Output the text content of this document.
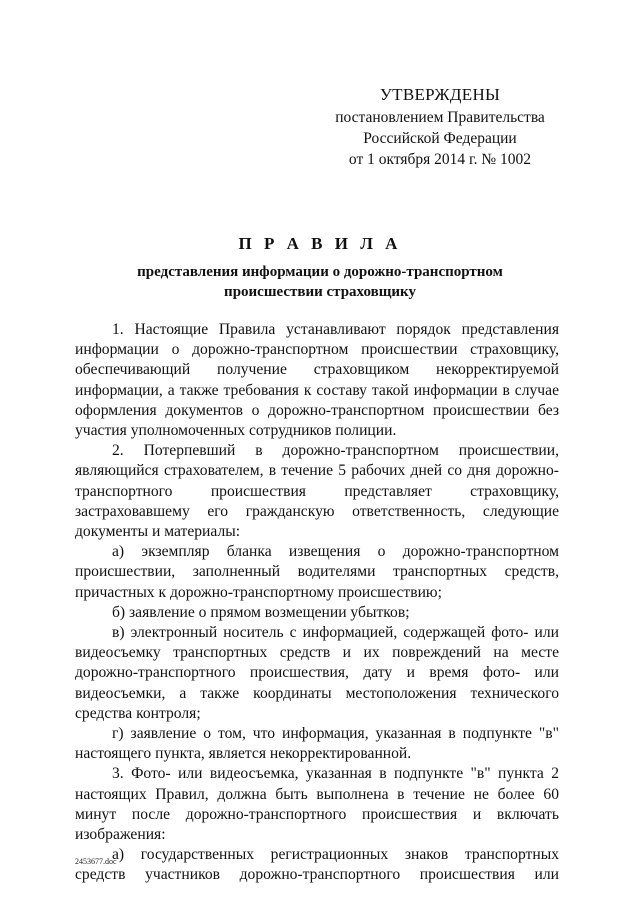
УТВЕРЖДЕНЫ
постановлением Правительства
Российской Федерации
от 1 октября 2014 г. № 1002
П Р А В И Л А
представления информации о дорожно-транспортном
происшествии страховщику

1. Настоящие Правила устанавливают порядок представления информации о дорожно-транспортном происшествии страховщику, обеспечивающий получение страховщиком некорректируемой информации, а также требования к составу такой информации в случае оформления документов о дорожно-транспортном происшествии без участия уполномоченных сотрудников полиции.

2. Потерпевший в дорожно-транспортном происшествии, являющийся страхователем, в течение 5 рабочих дней со дня дорожно-транспортного происшествия представляет страховщику, застраховавшему его гражданскую ответственность, следующие документы и материалы:

а) экземпляр бланка извещения о дорожно-транспортном происшествии, заполненный водителями транспортных средств, причастных к дорожно-транспортному происшествию;

б) заявление о прямом возмещении убытков;

в) электронный носитель с информацией, содержащей фото- или видеосъемку транспортных средств и их повреждений на месте дорожно-транспортного происшествия, дату и время фото- или видеосъемки, а также координаты местоположения технического средства контроля;

г) заявление о том, что информация, указанная в подпункте "в" настоящего пункта, является некорректированной.

3. Фото- или видеосъемка, указанная в подпункте "в" пункта 2 настоящих Правил, должна быть выполнена в течение не более 60 минут после дорожно-транспортного происшествия и включать изображения:

а) государственных регистрационных знаков транспортных средств участников дорожно-транспортного происшествия или

2453677.doc
